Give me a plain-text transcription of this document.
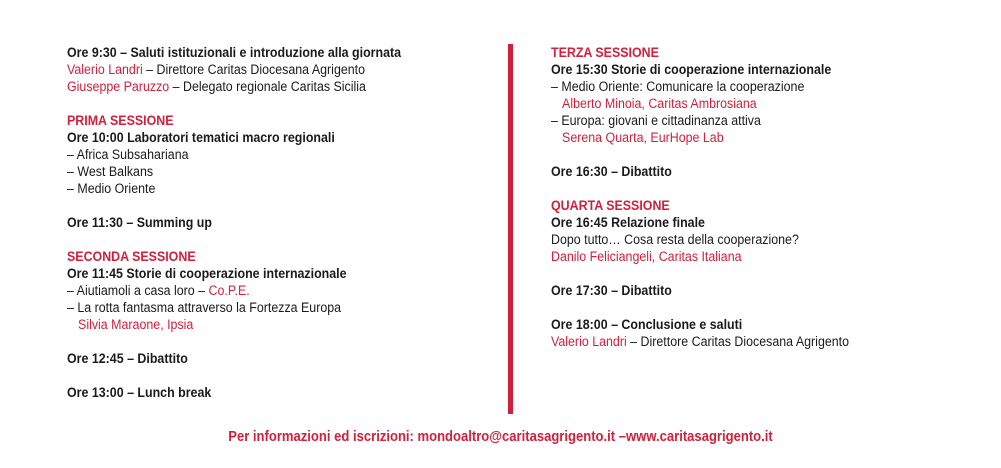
Ore 9:30 – Saluti istituzionali e introduzione alla giornata
Valerio Landri – Direttore Caritas Diocesana Agrigento
Giuseppe Paruzzo – Delegato regionale Caritas Sicilia
PRIMA SESSIONE
Ore 10:00 Laboratori tematici macro regionali
– Africa Subsahariana
– West Balkans
– Medio Oriente
Ore 11:30 – Summing up
SECONDA SESSIONE
Ore 11:45 Storie di cooperazione internazionale
– Aiutiamoli a casa loro – Co.P.E.
– La rotta fantasma attraverso la Fortezza Europa
Silvia Maraone, Ipsia
Ore 12:45 – Dibattito
Ore 13:00 – Lunch break
TERZA SESSIONE
Ore 15:30 Storie di cooperazione internazionale
– Medio Oriente: Comunicare la cooperazione
Alberto Minoia, Caritas Ambrosiana
– Europa: giovani e cittadinanza attiva
Serena Quarta, EurHope Lab
Ore 16:30 – Dibattito
QUARTA SESSIONE
Ore 16:45 Relazione finale
Dopo tutto… Cosa resta della cooperazione?
Danilo Feliciangeli, Caritas Italiana
Ore 17:30 – Dibattito
Ore 18:00 – Conclusione e saluti
Valerio Landri – Direttore Caritas Diocesana Agrigento
Per informazioni ed iscrizioni: mondoaltro@caritasagrigento.it –www.caritasagrigento.it
